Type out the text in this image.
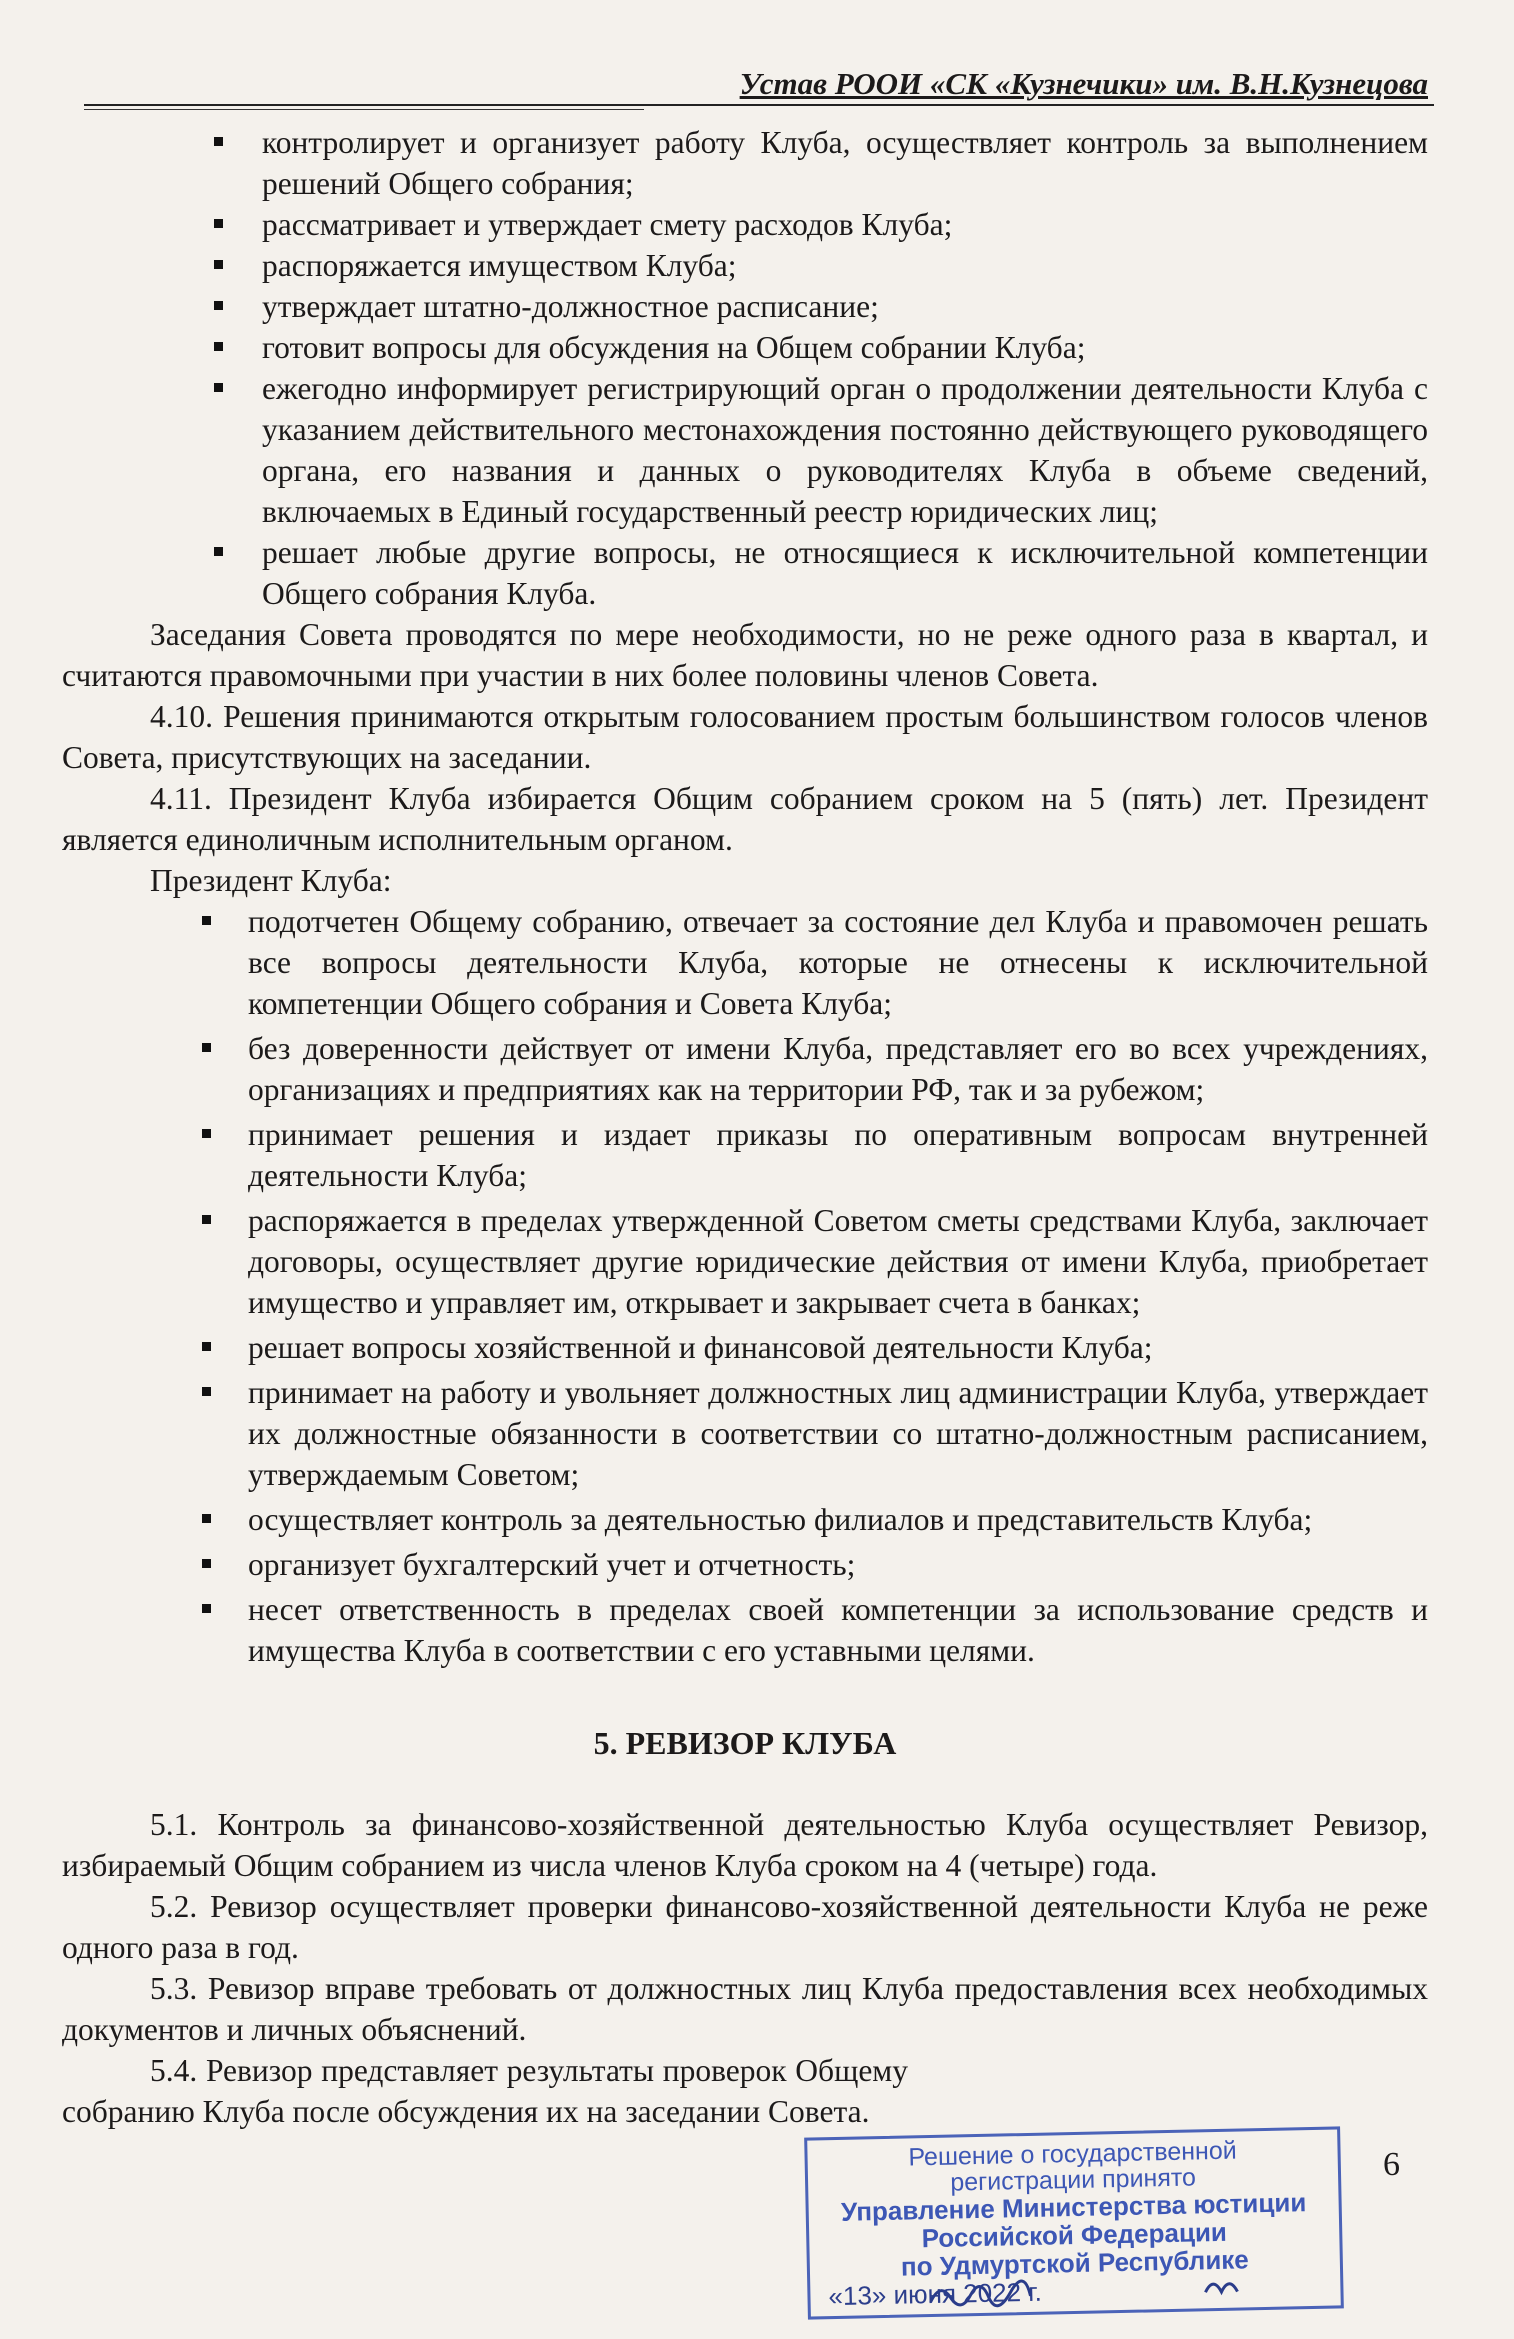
Устав РООИ «СК «Кузнечики» им. В.Н.Кузнецова
контролирует и организует работу Клуба, осуществляет контроль за выполнением решений Общего собрания;
рассматривает и утверждает смету расходов Клуба;
распоряжается имуществом Клуба;
утверждает штатно-должностное расписание;
готовит вопросы для обсуждения на Общем собрании Клуба;
ежегодно информирует регистрирующий орган о продолжении деятельности Клуба с указанием действительного местонахождения постоянно действующего руководящего органа, его названия и данных о руководителях Клуба в объеме сведений, включаемых в Единый государственный реестр юридических лиц;
решает любые другие вопросы, не относящиеся к исключительной компетенции Общего собрания Клуба.

Заседания Совета проводятся по мере необходимости, но не реже одного раза в квартал, и считаются правомочными при участии в них более половины членов Совета.

4.10. Решения принимаются открытым голосованием простым большинством голосов членов Совета, присутствующих на заседании.

4.11. Президент Клуба избирается Общим собранием сроком на 5 (пять) лет. Президент является единоличным исполнительным органом.

Президент Клуба:

подотчетен Общему собранию, отвечает за состояние дел Клуба и правомочен решать все вопросы деятельности Клуба, которые не отнесены к исключительной компетенции Общего собрания и Совета Клуба;
без доверенности действует от имени Клуба, представляет его во всех учреждениях, организациях и предприятиях как на территории РФ, так и за рубежом;
принимает решения и издает приказы по оперативным вопросам внутренней деятельности Клуба;
распоряжается в пределах утвержденной Советом сметы средствами Клуба, заключает договоры, осуществляет другие юридические действия от имени Клуба, приобретает имущество и управляет им, открывает и закрывает счета в банках;
решает вопросы хозяйственной и финансовой деятельности Клуба;
принимает на работу и увольняет должностных лиц администрации Клуба, утверждает их должностные обязанности в соответствии со штатно-должностным расписанием, утверждаемым Советом;
осуществляет контроль за деятельностью филиалов и представительств Клуба;
организует бухгалтерский учет и отчетность;
несет ответственность в пределах своей компетенции за использование средств и имущества Клуба в соответствии с его уставными целями.
5. РЕВИЗОР КЛУБА

5.1. Контроль за финансово-хозяйственной деятельностью Клуба осуществляет Ревизор, избираемый Общим собранием из числа членов Клуба сроком на 4 (четыре) года.

5.2. Ревизор осуществляет проверки финансово-хозяйственной деятельности Клуба не реже одного раза в год.

5.3. Ревизор вправе требовать от должностных лиц Клуба предоставления всех необходимых документов и личных объяснений.

5.4. Ревизор представляет результаты проверок Общему собранию Клуба после обсуждения их на заседании Совета.

Решение о государственной
регистрации принято
Управление Министерства юстиции
Российской Федерации
по Удмуртской Республике
«13» июня 2022 г.
6
